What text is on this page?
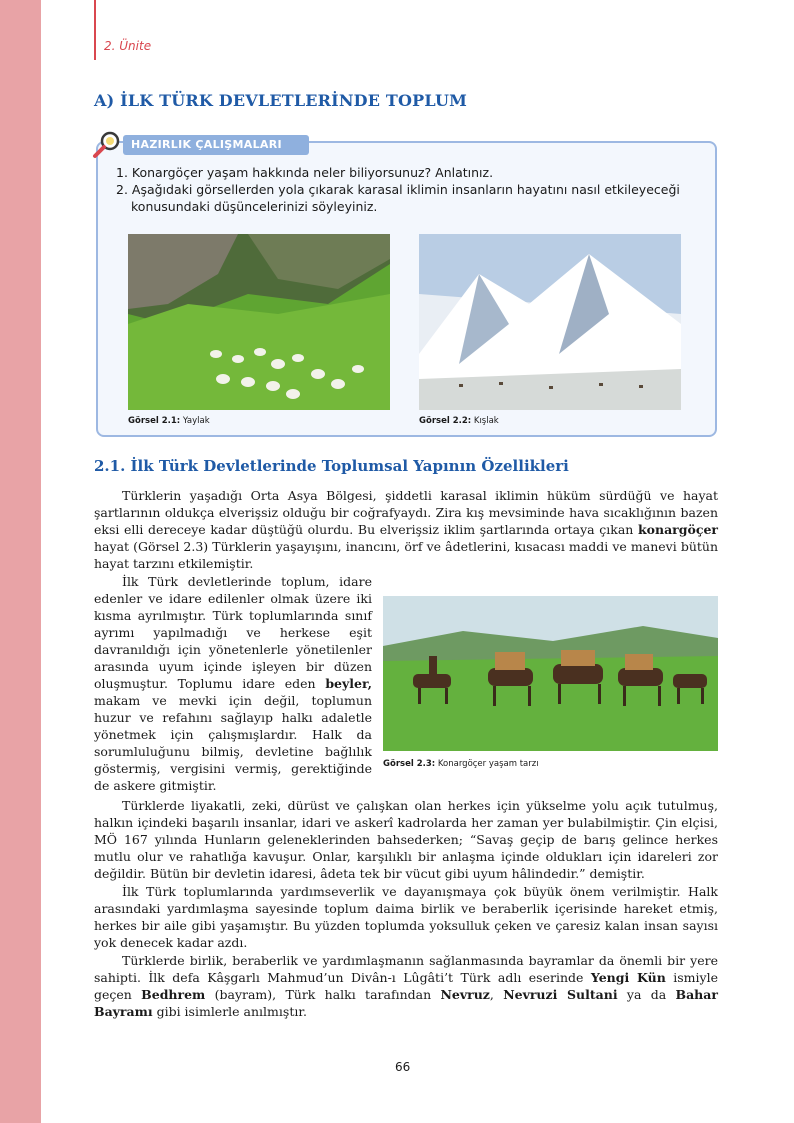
2. Ünite
A) İLK TÜRK DEVLETLERİNDE TOPLUM
HAZIRLIK ÇALIŞMALARI
1. Konargöçer yaşam hakkında neler biliyorsunuz? Anlatınız.
2. Aşağıdaki görsellerden yola çıkarak karasal iklimin insanların hayatını nasıl etkileyeceği
konusundaki düşüncelerinizi söyleyiniz.
Görsel 2.1: Yaylak	Görsel 2.2: Kışlak
2.1. İlk Türk Devletlerinde Toplumsal Yapının Özellikleri

Türklerin yaşadığı Orta Asya Bölgesi, şiddetli karasal iklimin hüküm sürdüğü ve hayat şartlarının oldukça elverişsiz olduğu bir coğrafyaydı. Zira kış mevsiminde hava sıcaklığının bazen eksi elli dereceye kadar düştüğü olurdu. Bu elverişsiz iklim şartlarında ortaya çıkan konargöçer hayat (Görsel 2.3) Türklerin yaşayışını, inancını, örf ve âdetlerini, kısacası maddi ve manevi bütün hayat tarzını etkilemiştir.

İlk Türk devletlerinde toplum, idare edenler ve idare edilenler olmak üzere iki kısma ayrılmıştır. Türk toplumlarında sınıf ayrımı yapılmadığı ve herkese eşit davranıldığı için yönetenlerle yönetilenler arasında uyum içinde işleyen bir düzen oluşmuştur. Toplumu idare eden beyler, makam ve mevki için değil, toplumun huzur ve refahını sağlayıp halkı adaletle yönetmek için çalışmışlardır. Halk da sorumluluğunu bilmiş, devletine bağlılık göstermiş, vergisini vermiş, gerektiğinde de askere gitmiştir.

Görsel 2.3: Konargöçer yaşam tarzı

Türklerde liyakatli, zeki, dürüst ve çalışkan olan herkes için yükselme yolu açık tutulmuş, halkın içindeki başarılı insanlar, idari ve askerî kadrolarda her zaman yer bulabilmiştir. Çin elçisi, MÖ 167 yılında Hunların geleneklerinden bahsederken; “Savaş geçip de barış gelince herkes mutlu olur ve rahatlığa kavuşur. Onlar, karşılıklı bir anlaşma içinde oldukları için idareleri zor değildir. Bütün bir devletin idaresi, âdeta tek bir vücut gibi uyum hâlindedir.” demiştir.

İlk Türk toplumlarında yardımseverlik ve dayanışmaya çok büyük önem verilmiştir. Halk arasındaki yardımlaşma sayesinde toplum daima birlik ve beraberlik içerisinde hareket etmiş, herkes bir aile gibi yaşamıştır. Bu yüzden toplumda yoksulluk çeken ve çaresiz kalan insan sayısı yok denecek kadar azdı.

Türklerde birlik, beraberlik ve yardımlaşmanın sağlanmasında bayramlar da önemli bir yere sahipti. İlk defa Kâşgarlı Mahmud’un Divân-ı Lûgâti’t Türk adlı eserinde Yengi Kün ismiyle geçen Bedhrem (bayram), Türk halkı tarafından Nevruz, Nevruzi Sultani ya da Bahar Bayramı gibi isimlerle anılmıştır.

66
